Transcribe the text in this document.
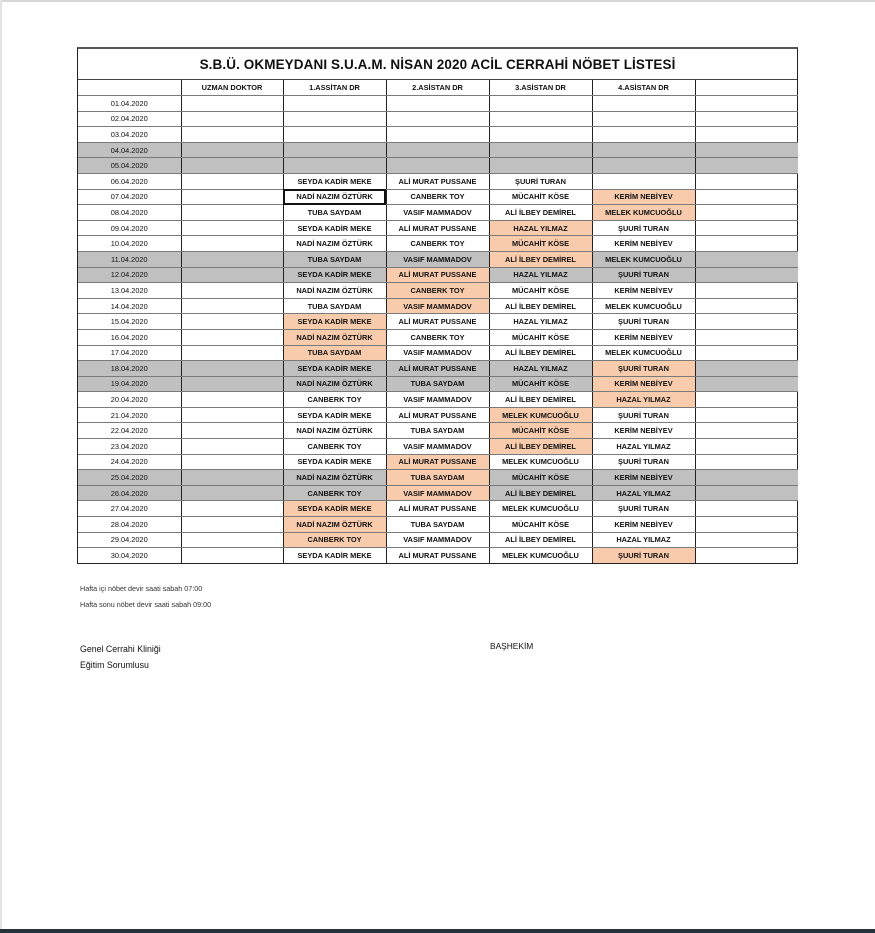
S.B.Ü. OKMEYDANI S.U.A.M. NİSAN 2020 ACİL CERRAHİ NÖBET LİSTESİ
	UZMAN DOKTOR	1.ASSİTAN DR	2.ASİSTAN DR	3.ASİSTAN DR	4.ASİSTAN DR	
01.04.2020						
02.04.2020						
03.04.2020						
04.04.2020						
05.04.2020						
06.04.2020		SEYDA KADİR MEKE	ALİ MURAT PUSSANE	ŞUURİ TURAN		
07.04.2020		NADİ NAZIM ÖZTÜRK	CANBERK TOY	MÜCAHİT KÖSE	KERİM NEBİYEV	
08.04.2020		TUBA SAYDAM	VASIF MAMMADOV	ALİ İLBEY DEMİREL	MELEK KUMCUOĞLU	
09.04.2020		SEYDA KADİR MEKE	ALİ MURAT PUSSANE	HAZAL YILMAZ	ŞUURİ TURAN	
10.04.2020		NADİ NAZIM ÖZTÜRK	CANBERK TOY	MÜCAHİT KÖSE	KERİM NEBİYEV	
11.04.2020		TUBA SAYDAM	VASIF MAMMADOV	ALİ İLBEY DEMİREL	MELEK KUMCUOĞLU	
12.04.2020		SEYDA KADİR MEKE	ALİ MURAT PUSSANE	HAZAL YILMAZ	ŞUURİ TURAN	
13.04.2020		NADİ NAZIM ÖZTÜRK	CANBERK TOY	MÜCAHİT KÖSE	KERİM NEBİYEV	
14.04.2020		TUBA SAYDAM	VASIF MAMMADOV	ALİ İLBEY DEMİREL	MELEK KUMCUOĞLU	
15.04.2020		SEYDA KADİR MEKE	ALİ MURAT PUSSANE	HAZAL YILMAZ	ŞUURİ TURAN	
16.04.2020		NADİ NAZIM ÖZTÜRK	CANBERK TOY	MÜCAHİT KÖSE	KERİM NEBİYEV	
17.04.2020		TUBA SAYDAM	VASIF MAMMADOV	ALİ İLBEY DEMİREL	MELEK KUMCUOĞLU	
18.04.2020		SEYDA KADİR MEKE	ALİ MURAT PUSSANE	HAZAL YILMAZ	ŞUURİ TURAN	
19.04.2020		NADİ NAZIM ÖZTÜRK	TUBA SAYDAM	MÜCAHİT KÖSE	KERİM NEBİYEV	
20.04.2020		CANBERK TOY	VASIF MAMMADOV	ALİ İLBEY DEMİREL	HAZAL YILMAZ	
21.04.2020		SEYDA KADİR MEKE	ALİ MURAT PUSSANE	MELEK KUMCUOĞLU	ŞUURİ TURAN	
22.04.2020		NADİ NAZIM ÖZTÜRK	TUBA SAYDAM	MÜCAHİT KÖSE	KERİM NEBİYEV	
23.04.2020		CANBERK TOY	VASIF MAMMADOV	ALİ İLBEY DEMİREL	HAZAL YILMAZ	
24.04.2020		SEYDA KADİR MEKE	ALİ MURAT PUSSANE	MELEK KUMCUOĞLU	ŞUURİ TURAN	
25.04.2020		NADİ NAZIM ÖZTÜRK	TUBA SAYDAM	MÜCAHİT KÖSE	KERİM NEBİYEV	
26.04.2020		CANBERK TOY	VASIF MAMMADOV	ALİ İLBEY DEMİREL	HAZAL YILMAZ	
27.04.2020		SEYDA KADİR MEKE	ALİ MURAT PUSSANE	MELEK KUMCUOĞLU	ŞUURİ TURAN	
28.04.2020		NADİ NAZIM ÖZTÜRK	TUBA SAYDAM	MÜCAHİT KÖSE	KERİM NEBİYEV	
29.04.2020		CANBERK TOY	VASIF MAMMADOV	ALİ İLBEY DEMİREL	HAZAL YILMAZ	
30.04.2020		SEYDA KADİR MEKE	ALİ MURAT PUSSANE	MELEK KUMCUOĞLU	ŞUURİ TURAN	
Hafta içi nöbet devir saati sabah 07:00
Hafta sonu nöbet devir saati sabah 09:00
Genel Cerrahi Kliniği
Eğitim Sorumlusu
BAŞHEKİM
